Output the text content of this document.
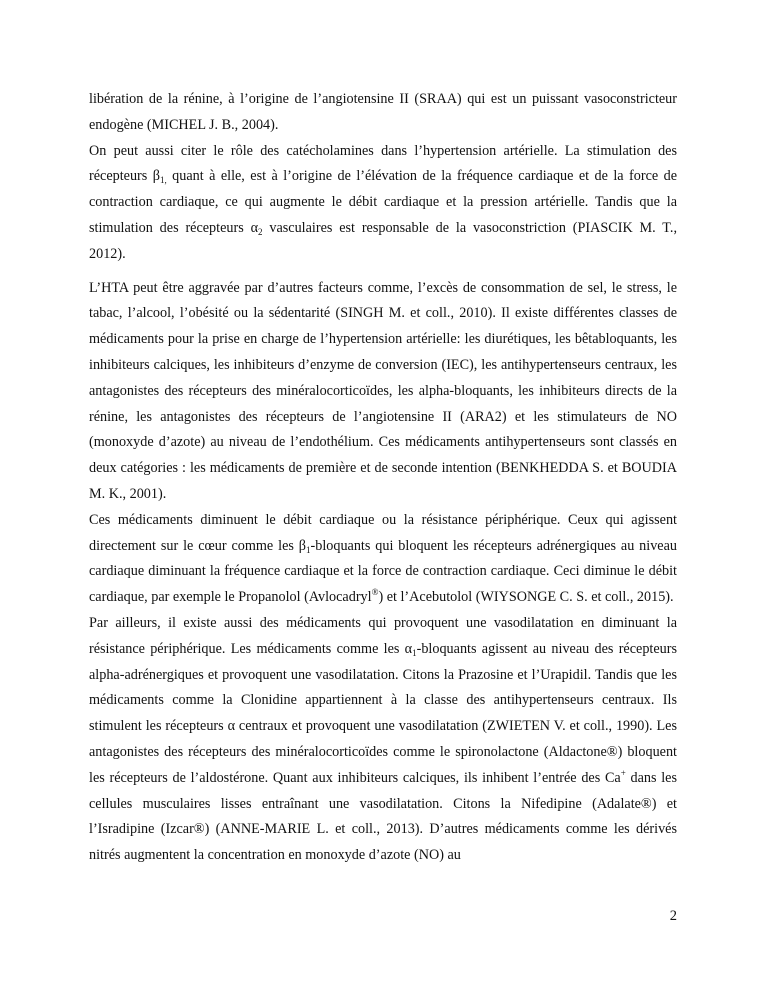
libération de la rénine, à l’origine de l’angiotensine II (SRAA) qui est un puissant vasoconstricteur endogène (MICHEL J. B., 2004).

On peut aussi citer le rôle des catécholamines dans l’hypertension artérielle. La stimulation des récepteurs $\beta_{1,}$ quant à elle, est à l’origine de l’élévation de la fréquence cardiaque et de la force de contraction cardiaque, ce qui augmente le débit cardiaque et la pression artérielle. Tandis que la stimulation des récepteurs $\alpha_2$ vasculaires est responsable de la vasoconstriction (PIASCIK M. T., 2012).

L’HTA peut être aggravée par d’autres facteurs comme, l’excès de consommation de sel, le stress, le tabac, l’alcool, l’obésité ou la sédentarité (SINGH M. et coll., 2010). Il existe différentes classes de médicaments pour la prise en charge de l’hypertension artérielle: les diurétiques, les bêtabloquants, les inhibiteurs calciques, les inhibiteurs d’enzyme de conversion (IEC), les antihypertenseurs centraux, les antagonistes des récepteurs des minéralocorticoïdes, les alpha-bloquants, les inhibiteurs directs de la rénine, les antagonistes des récepteurs de l’angiotensine II (ARA2) et les stimulateurs de NO (monoxyde d’azote) au niveau de l’endothélium. Ces médicaments antihypertenseurs sont classés en deux catégories : les médicaments de première et de seconde intention (BENKHEDDA S. et BOUDIA M. K., 2001).

Ces médicaments diminuent le débit cardiaque ou la résistance périphérique. Ceux qui agissent directement sur le cœur comme les $\beta_1$-bloquants qui bloquent les récepteurs adrénergiques au niveau cardiaque diminuant la fréquence cardiaque et la force de contraction cardiaque. Ceci diminue le débit cardiaque, par exemple le Propanolol (Avlocadryl®) et l’Acebutolol (WIYSONGE C. S. et coll., 2015).

Par ailleurs, il existe aussi des médicaments qui provoquent une vasodilatation en diminuant la résistance périphérique. Les médicaments comme les $\alpha_1$-bloquants agissent au niveau des récepteurs alpha-adrénergiques et provoquent une vasodilatation. Citons la Prazosine et l’Urapidil. Tandis que les médicaments comme la Clonidine appartiennent à la classe des antihypertenseurs centraux. Ils stimulent les récepteurs α centraux et provoquent une vasodilatation (ZWIETEN V. et coll., 1990). Les antagonistes des récepteurs des minéralocorticoïdes comme le spironolactone (Aldactone®) bloquent les récepteurs de l’aldostérone. Quant aux inhibiteurs calciques, ils inhibent l’entrée des Ca+ dans les cellules musculaires lisses entraînant une vasodilatation. Citons la Nifedipine (Adalate®) et l’Isradipine (Izcar®) (ANNE-MARIE L. et coll., 2013). D’autres médicaments comme les dérivés nitrés augmentent la concentration en monoxyde d’azote (NO) au

2
